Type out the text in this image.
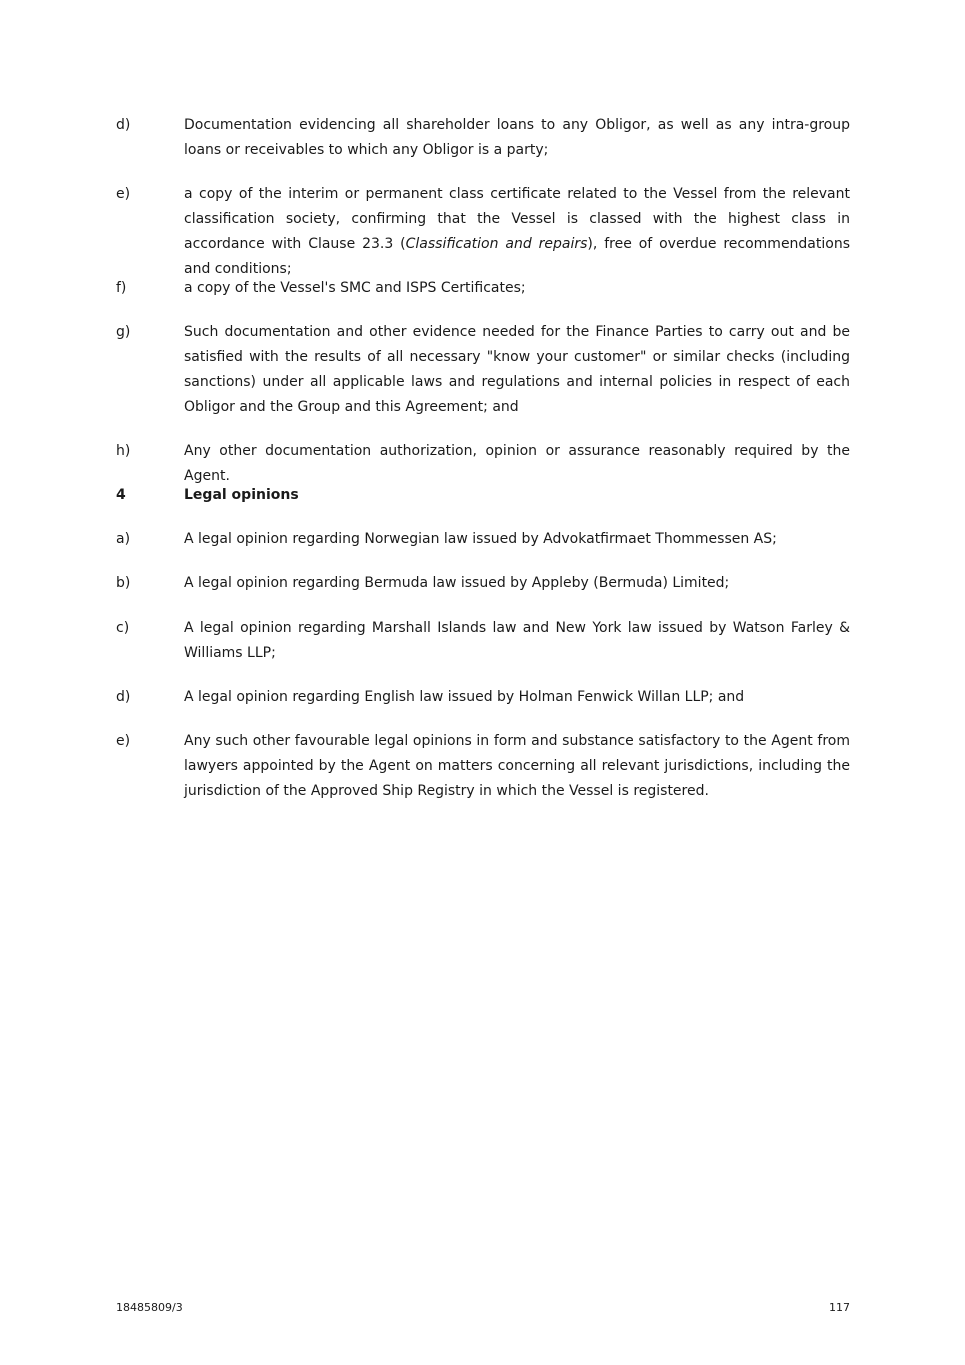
d)	Documentation evidencing all shareholder loans to any Obligor, as well as any intra-group loans or receivables to which any Obligor is a party;
e)	a copy of the interim or permanent class certificate related to the Vessel from the relevant classification society, confirming that the Vessel is classed with the highest class in accordance with Clause 23.3 (Classification and repairs), free of overdue recommendations and conditions;
f)	a copy of the Vessel's SMC and ISPS Certificates;
g)	Such documentation and other evidence needed for the Finance Parties to carry out and be satisfied with the results of all necessary "know your customer" or similar checks (including sanctions) under all applicable laws and regulations and internal policies in respect of each Obligor and the Group and this Agreement; and
h)	Any other documentation authorization, opinion or assurance reasonably required by the Agent.
4	Legal opinions
a)	A legal opinion regarding Norwegian law issued by Advokatfirmaet Thommessen AS;
b)	A legal opinion regarding Bermuda law issued by Appleby (Bermuda) Limited;
c)	A legal opinion regarding Marshall Islands law and New York law issued by Watson Farley & Williams LLP;
d)	A legal opinion regarding English law issued by Holman Fenwick Willan LLP; and
e)	Any such other favourable legal opinions in form and substance satisfactory to the Agent from lawyers appointed by the Agent on matters concerning all relevant jurisdictions, including the jurisdiction of the Approved Ship Registry in which the Vessel is registered.
18485809/3	117
